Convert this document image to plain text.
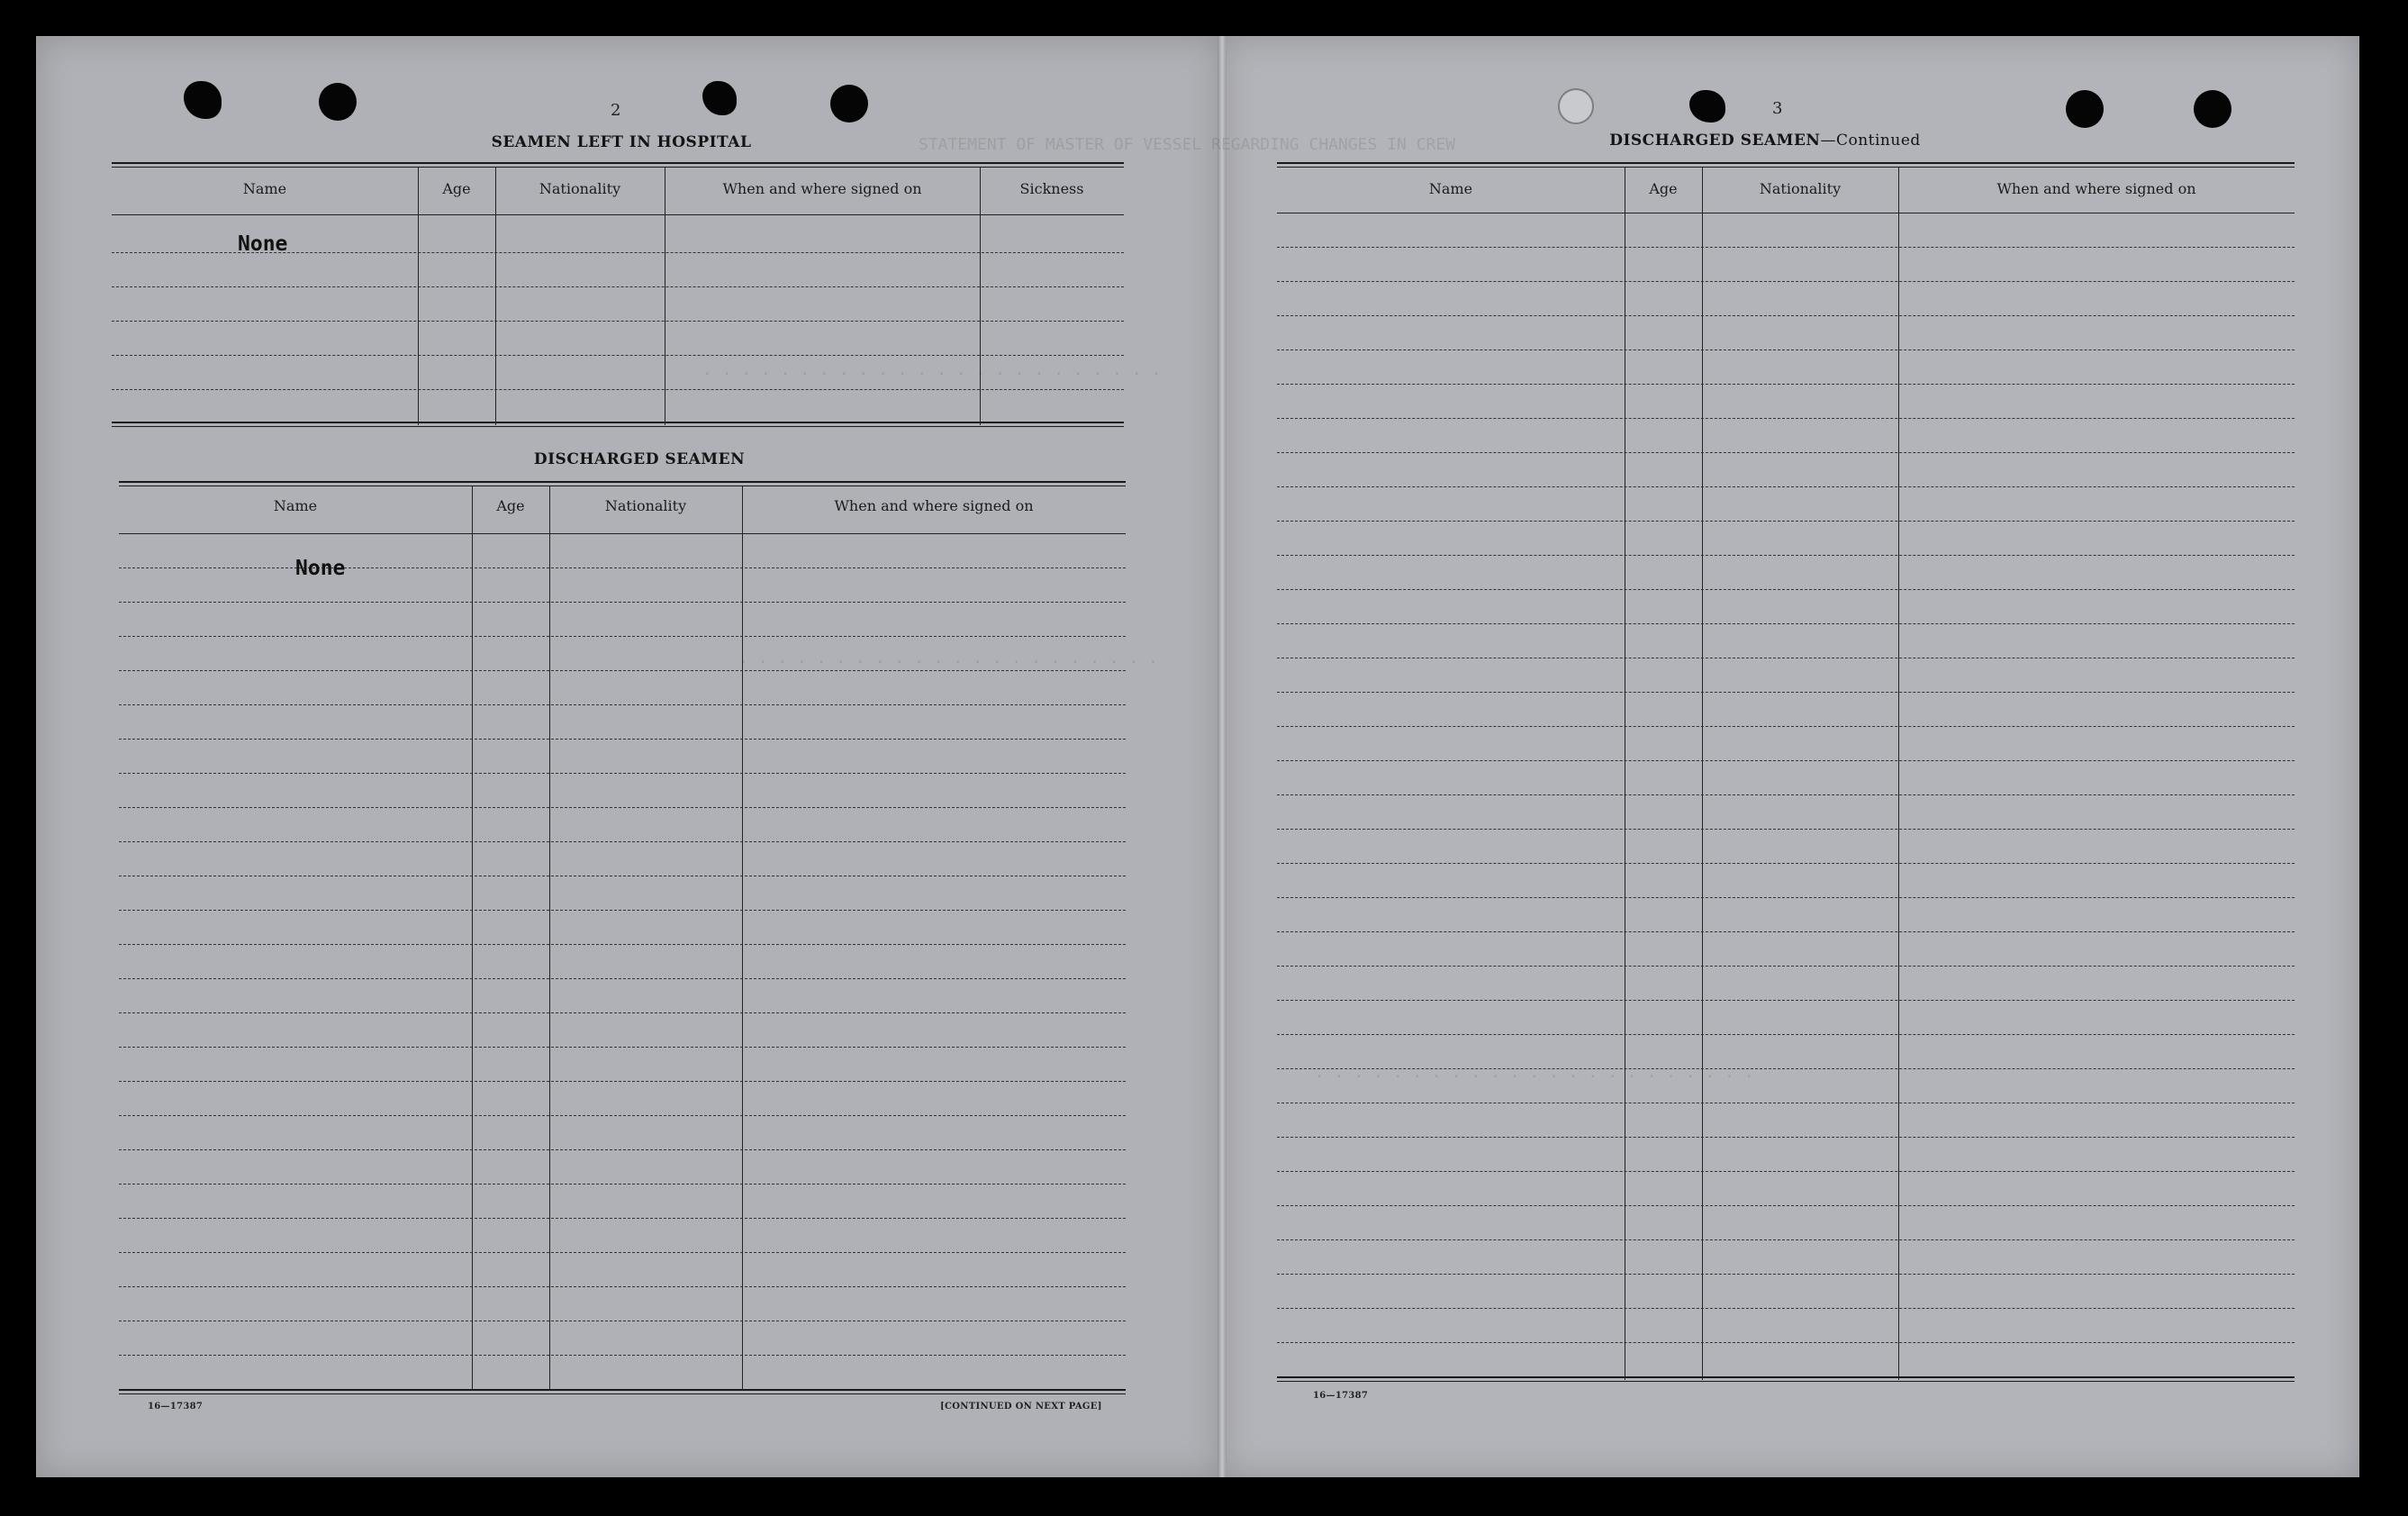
STATEMENT OF MASTER OF VESSEL REGARDING CHANGES IN CREW
. . . . . . . . . . . . . . . . . . . . . . . .
. . . . . . . . . . . . . . . . . . . . . .
. . . . . . . . . . . . . . . . . . . . . . .
2
SEAMEN LEFT IN HOSPITAL
Name	Age	Nationality	When and where signed on	Sickness
None
DISCHARGED SEAMEN
Name	Age	Nationality	When and where signed on
None
16—17387	[CONTINUED ON NEXT PAGE]
3
DISCHARGED SEAMEN—Continued
Name	Age	Nationality	When and where signed on
16—17387
